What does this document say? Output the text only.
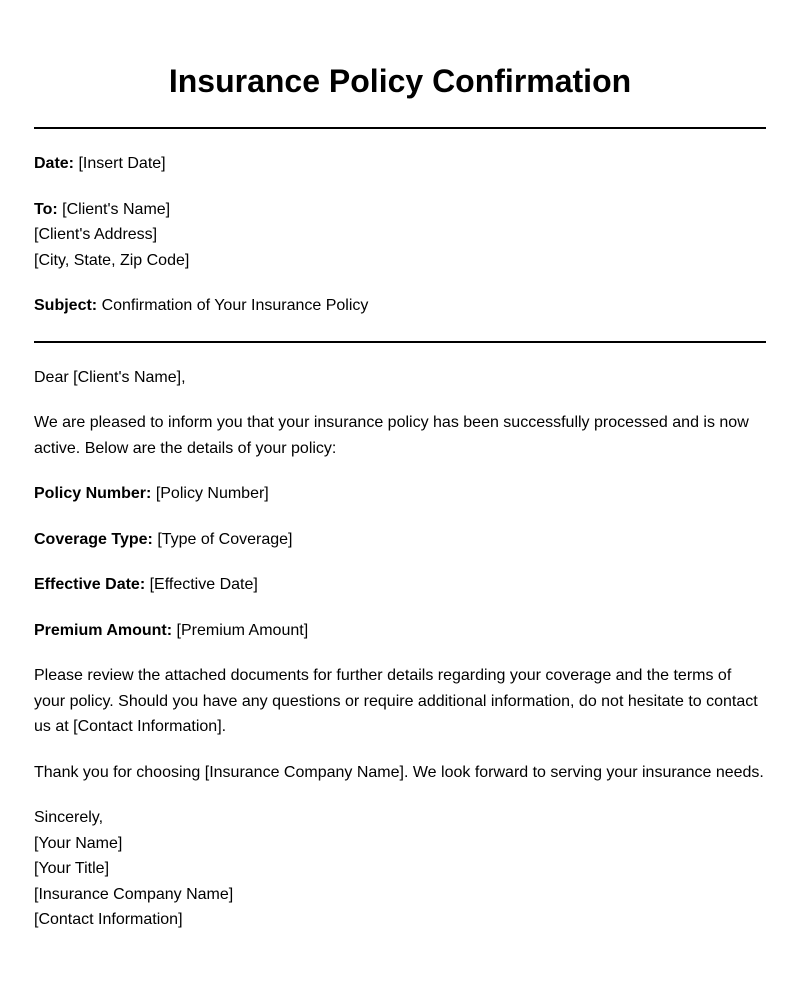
Insurance Policy Confirmation

Date: [Insert Date]

To: [Client's Name]
[Client's Address]
[City, State, Zip Code]

Subject: Confirmation of Your Insurance Policy

Dear [Client's Name],

We are pleased to inform you that your insurance policy has been successfully processed and is now active. Below are the details of your policy:

Policy Number: [Policy Number]

Coverage Type: [Type of Coverage]

Effective Date: [Effective Date]

Premium Amount: [Premium Amount]

Please review the attached documents for further details regarding your coverage and the terms of your policy. Should you have any questions or require additional information, do not hesitate to contact us at [Contact Information].

Thank you for choosing [Insurance Company Name]. We look forward to serving your insurance needs.

Sincerely,
[Your Name]
[Your Title]
[Insurance Company Name]
[Contact Information]
